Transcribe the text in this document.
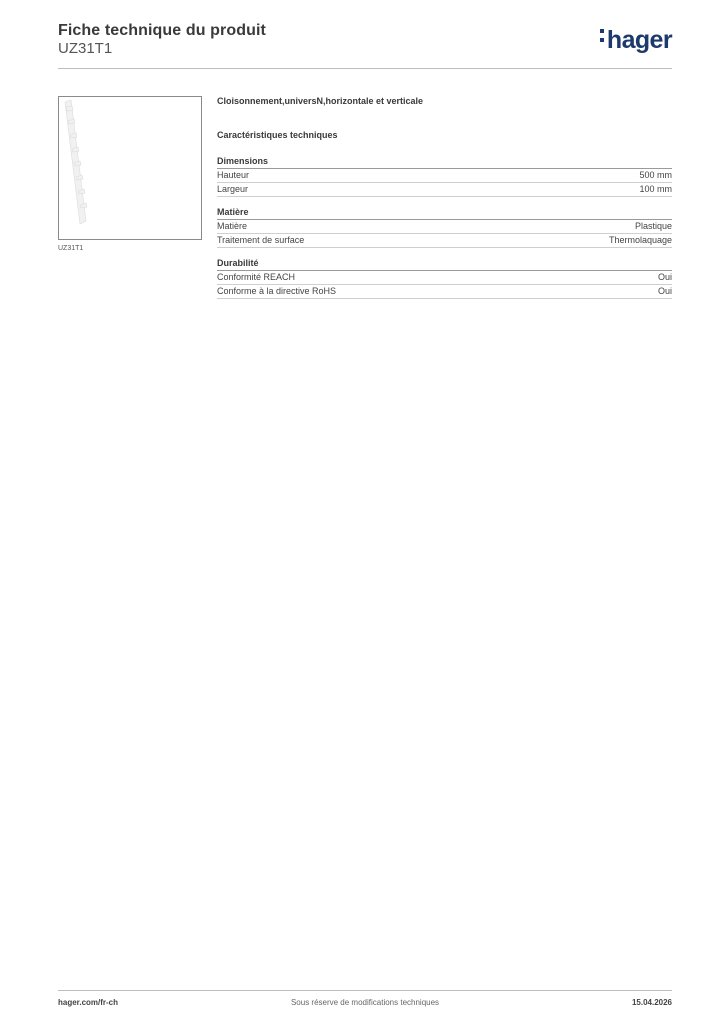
Fiche technique du produit
UZ31T1	hager
UZ31T1
Cloisonnement,universN,horizontale et verticale
Caractéristiques techniques
Dimensions
Hauteur	500 mm
Largeur	100 mm
Matière
Matière	Plastique
Traitement de surface	Thermolaquage
Durabilité
Conformité REACH	Oui
Conforme à la directive RoHS	Oui
hager.com/fr-ch	Sous réserve de modifications techniques	15.04.2026
